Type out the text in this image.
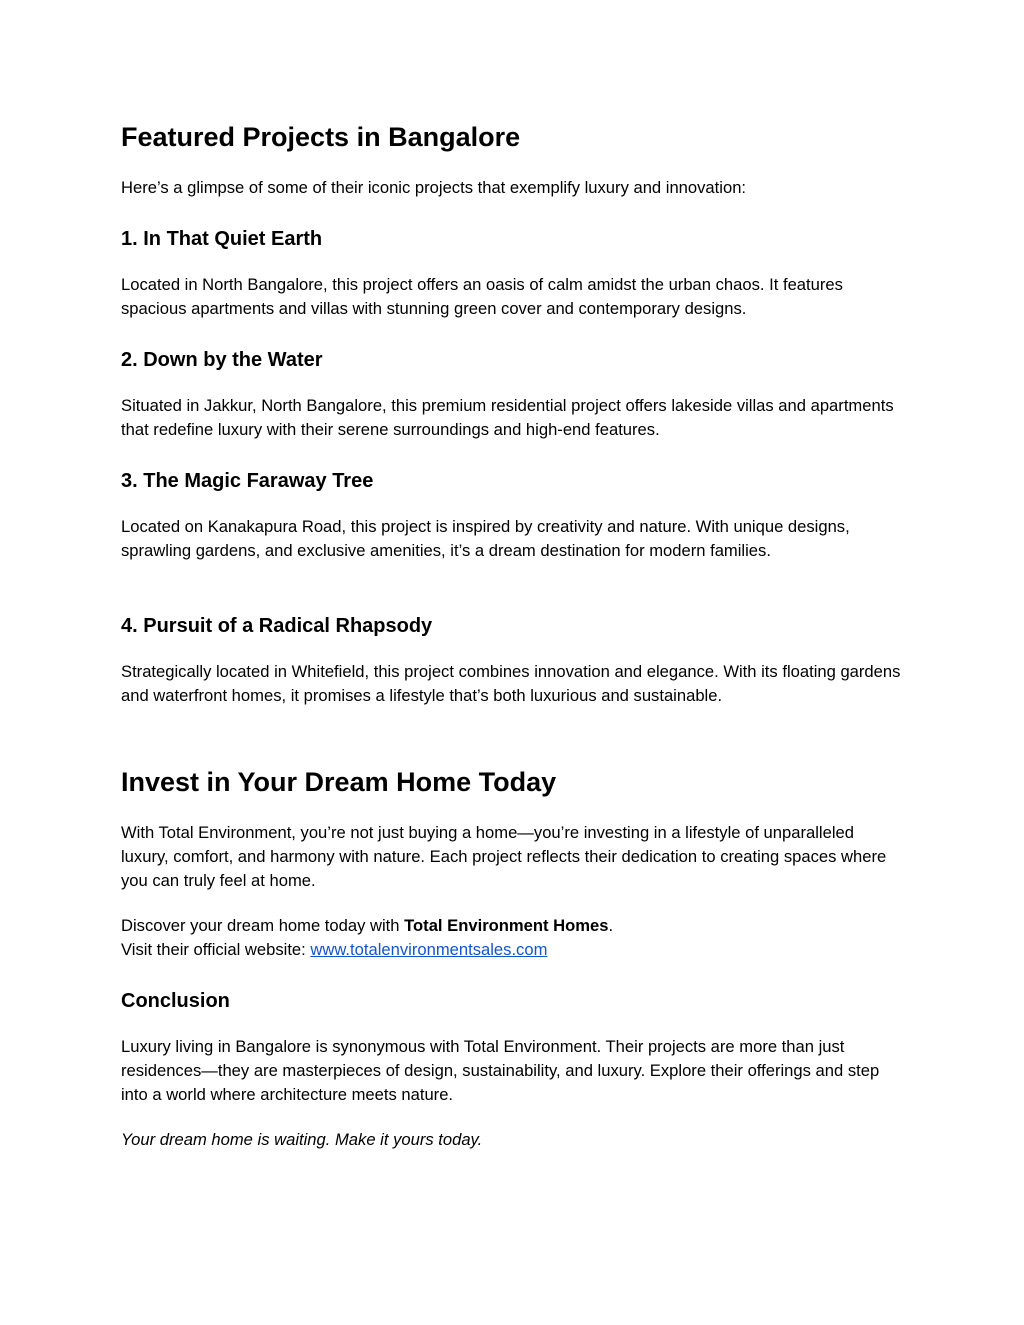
Featured Projects in Bangalore

Here’s a glimpse of some of their iconic projects that exemplify luxury and innovation:

1. In That Quiet Earth

Located in North Bangalore, this project offers an oasis of calm amidst the urban chaos. It features spacious apartments and villas with stunning green cover and contemporary designs.

2. Down by the Water

Situated in Jakkur, North Bangalore, this premium residential project offers lakeside villas and apartments that redefine luxury with their serene surroundings and high-end features.

3. The Magic Faraway Tree

Located on Kanakapura Road, this project is inspired by creativity and nature. With unique designs, sprawling gardens, and exclusive amenities, it’s a dream destination for modern families.

4. Pursuit of a Radical Rhapsody

Strategically located in Whitefield, this project combines innovation and elegance. With its floating gardens and waterfront homes, it promises a lifestyle that’s both luxurious and sustainable.

Invest in Your Dream Home Today

With Total Environment, you’re not just buying a home—you’re investing in a lifestyle of unparalleled luxury, comfort, and harmony with nature. Each project reflects their dedication to creating spaces where you can truly feel at home.

Discover your dream home today with Total Environment Homes.
Visit their official website: www.totalenvironmentsales.com

Conclusion

Luxury living in Bangalore is synonymous with Total Environment. Their projects are more than just residences—they are masterpieces of design, sustainability, and luxury. Explore their offerings and step into a world where architecture meets nature.

Your dream home is waiting. Make it yours today.
